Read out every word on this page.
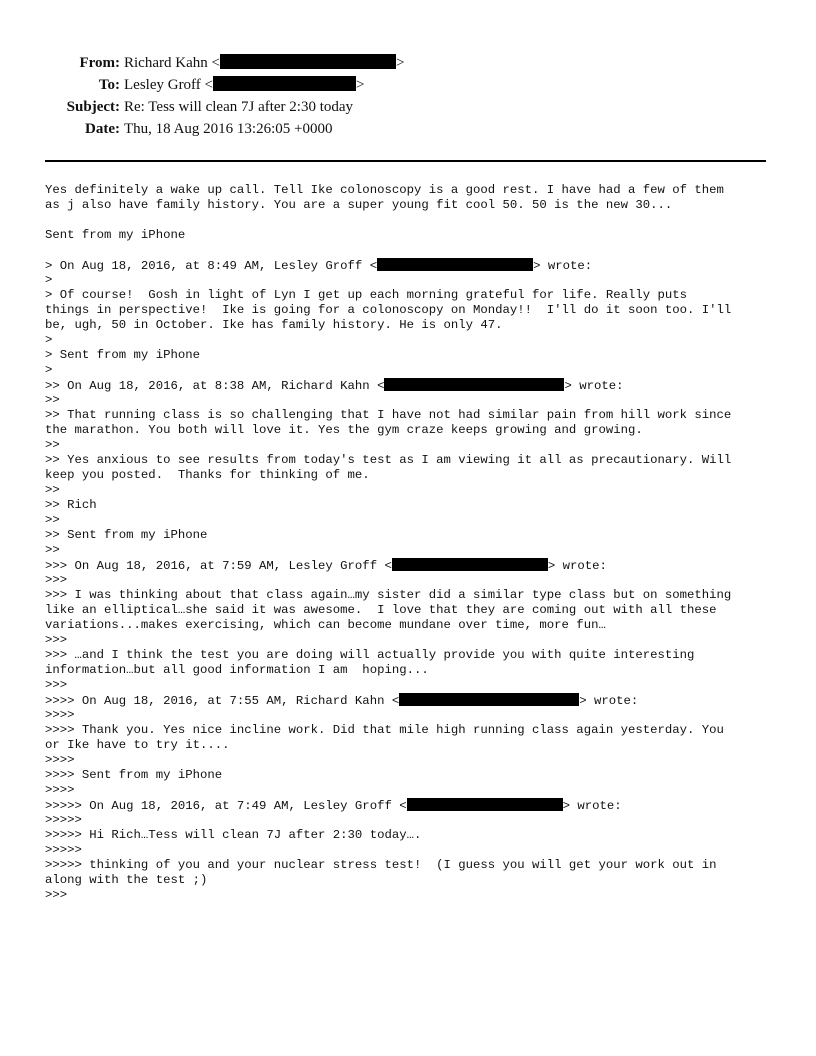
From: Richard Kahn <	>
To: Lesley Groff <	>
Subject: Re: Tess will clean 7J after 2:30 today
Date: Thu, 18 Aug 2016 13:26:05 +0000
Yes definitely a wake up call. Tell Ike colonoscopy is a good rest. I have had a few of them
as j also have family history. You are a super young fit cool 50. 50 is the new 30...
Sent from my iPhone
> On Aug 18, 2016, at 8:49 AM, Lesley Groff <	> wrote:
>
> Of course!  Gosh in light of Lyn I get up each morning grateful for life. Really puts
things in perspective!  Ike is going for a colonoscopy on Monday!!  I'll do it soon too. I'll
be, ugh, 50 in October. Ike has family history. He is only 47.
>
> Sent from my iPhone
>
>> On Aug 18, 2016, at 8:38 AM, Richard Kahn <	> wrote:
>>
>> That running class is so challenging that I have not had similar pain from hill work since
the marathon. You both will love it. Yes the gym craze keeps growing and growing.
>>
>> Yes anxious to see results from today's test as I am viewing it all as precautionary. Will
keep you posted.  Thanks for thinking of me.
>>
>> Rich
>>
>> Sent from my iPhone
>>
>>> On Aug 18, 2016, at 7:59 AM, Lesley Groff <	> wrote:
>>>
>>> I was thinking about that class again…my sister did a similar type class but on something
like an elliptical…she said it was awesome.  I love that they are coming out with all these
variations...makes exercising, which can become mundane over time, more fun…
>>>
>>> …and I think the test you are doing will actually provide you with quite interesting
information…but all good information I am  hoping...
>>>
>>>> On Aug 18, 2016, at 7:55 AM, Richard Kahn <	> wrote:
>>>>
>>>> Thank you. Yes nice incline work. Did that mile high running class again yesterday. You
or Ike have to try it....
>>>>
>>>> Sent from my iPhone
>>>>
>>>>> On Aug 18, 2016, at 7:49 AM, Lesley Groff <	> wrote:
>>>>>
>>>>> Hi Rich…Tess will clean 7J after 2:30 today….
>>>>>
>>>>> thinking of you and your nuclear stress test!  (I guess you will get your work out in
along with the test ;)
>>>
